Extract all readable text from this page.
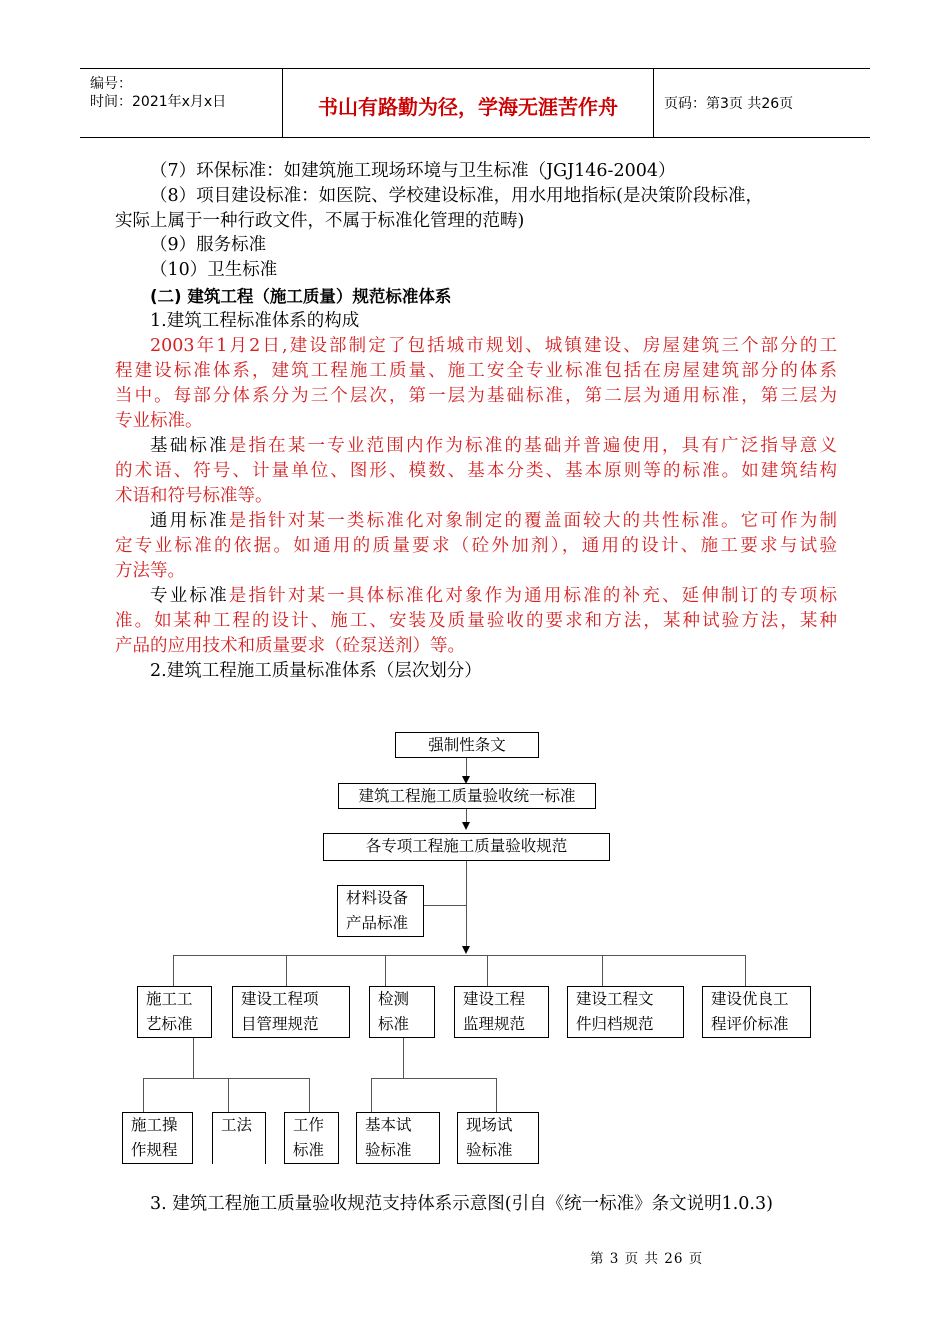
编号：
时间：2021年x月x日	书山有路勤为径，学海无涯苦作舟	页码：第3页 共26页
（7）环保标准：如建筑施工现场环境与卫生标准（JGJ146-2004）
（8）项目建设标准：如医院、学校建设标准，用水用地指标(是决策阶段标准，
实际上属于一种行政文件，不属于标准化管理的范畴)
（9）服务标准
（10）卫生标准
(二) 建筑工程（施工质量）规范标准体系
1.建筑工程标准体系的构成
2003年1月2日,建设部制定了包括城市规划、城镇建设、房屋建筑三个部分的工
程建设标准体系，建筑工程施工质量、施工安全专业标准包括在房屋建筑部分的体系
当中。每部分体系分为三个层次，第一层为基础标准，第二层为通用标准，第三层为
专业标准。
基础标准是指在某一专业范围内作为标准的基础并普遍使用，具有广泛指导意义
的术语、符号、计量单位、图形、模数、基本分类、基本原则等的标准。如建筑结构
术语和符号标准等。
通用标准是指针对某一类标准化对象制定的覆盖面较大的共性标准。它可作为制
定专业标准的依据。如通用的质量要求（砼外加剂），通用的设计、施工要求与试验
方法等。
专业标准是指针对某一具体标准化对象作为通用标准的补充、延伸制订的专项标
准。如某种工程的设计、施工、安装及质量验收的要求和方法，某种试验方法，某种
产品的应用技术和质量要求（砼泵送剂）等。
2.建筑工程施工质量标准体系（层次划分）
强制性条文
建筑工程施工质量验收统一标准
各专项工程施工质量验收规范
材料设备
产品标准
施工工
艺标准
建设工程项
目管理规范
检测
标准
建设工程
监理规范
建设工程文
件归档规范
建设优良工
程评价标准
施工操
作规程
工法	工作
标准
基本试
验标准
现场试
验标准
3. 建筑工程施工质量验收规范支持体系示意图(引自《统一标准》条文说明1.0.3)
第 3 页 共 26 页
